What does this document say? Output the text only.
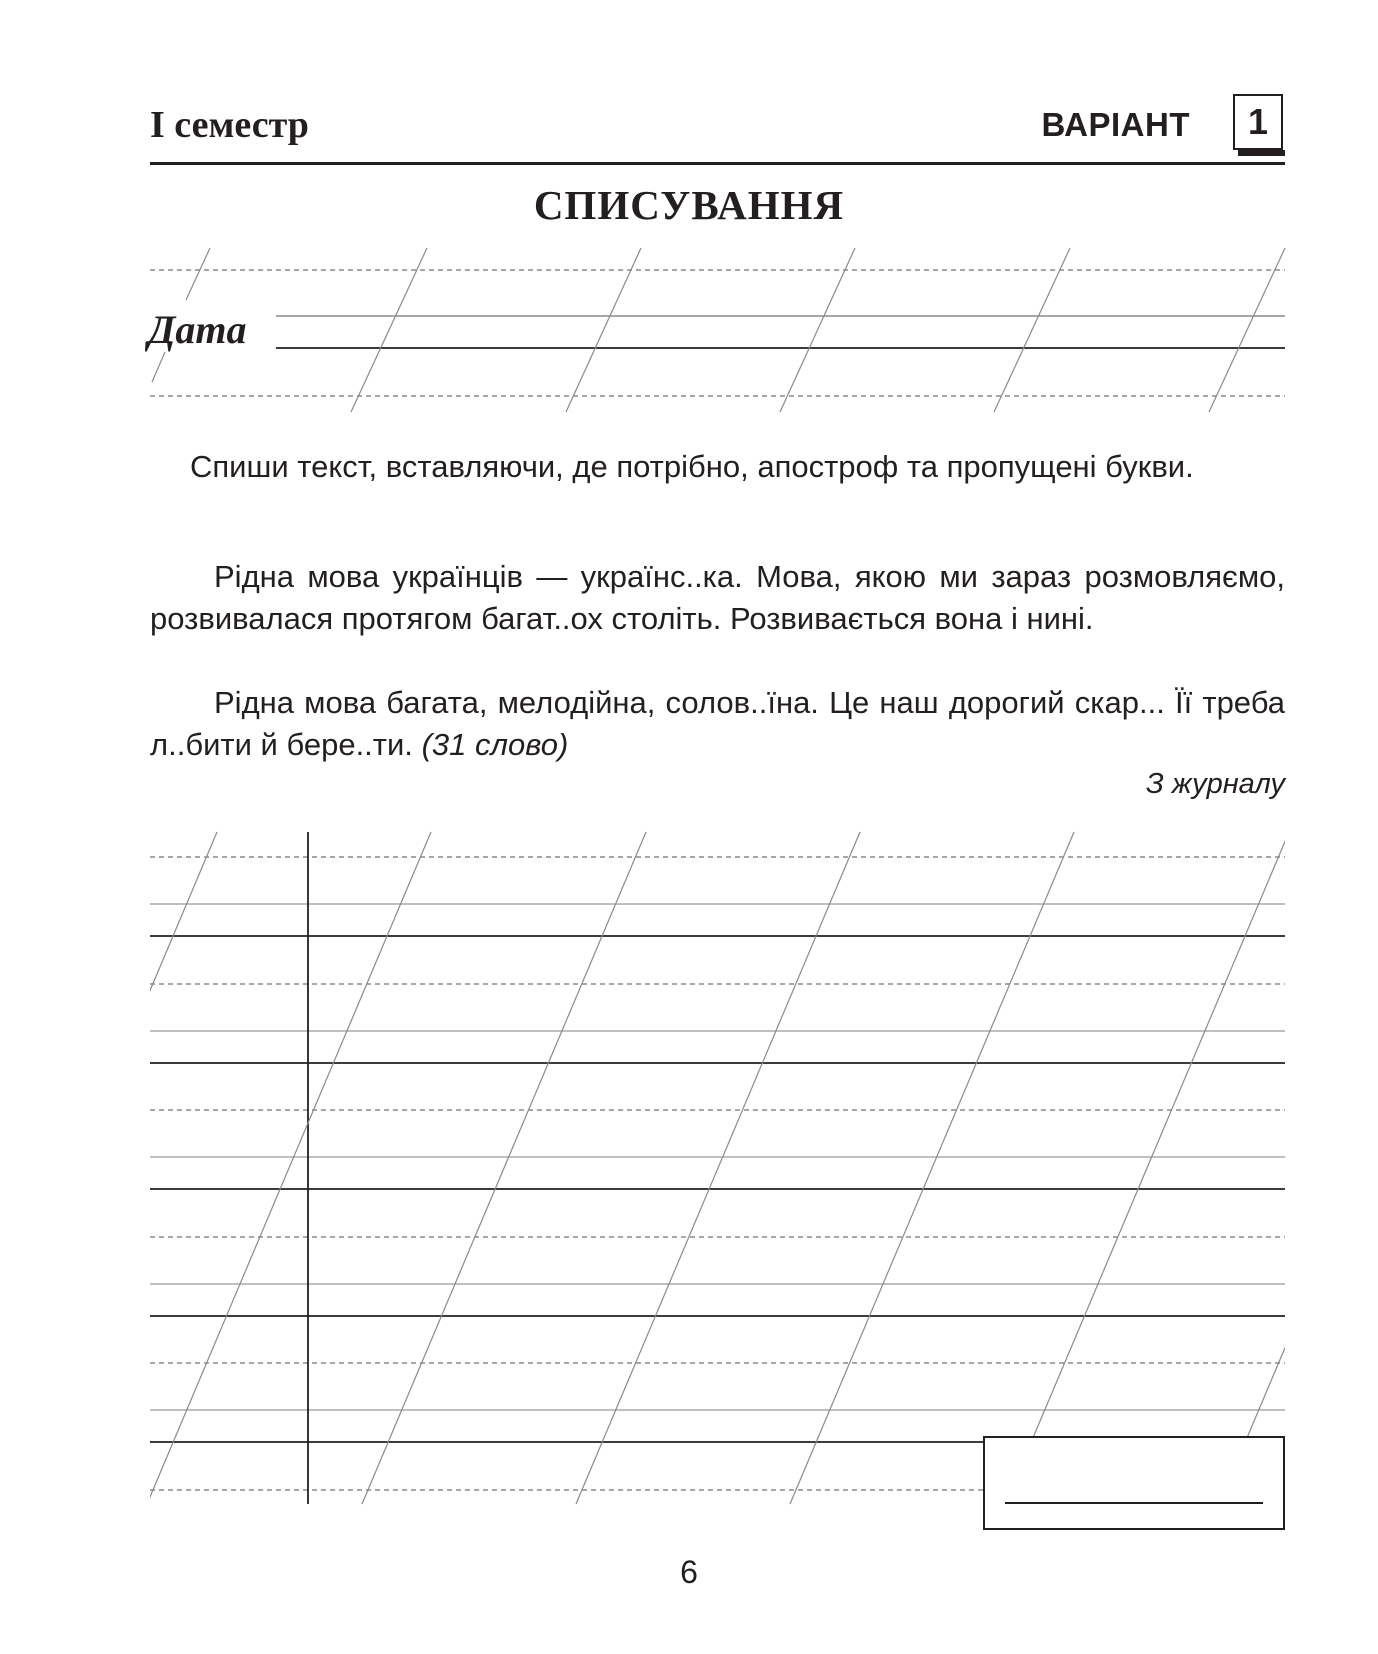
I семестр	ВАРІАНТ	1
СПИСУВАННЯ
Дата

Спиши текст, вставляючи, де потрібно, апостроф та пропущені букви.

Рідна мова українців — українс..ка. Мова, якою ми зараз розмовляємо, розвивалася протягом багат..ох століть. Розвивається вона і нині.

Рідна мова багата, мелодійна, солов..їна. Це наш дорогий скар... Її треба л..бити й бере..ти. (31 слово)

З журналу
6
